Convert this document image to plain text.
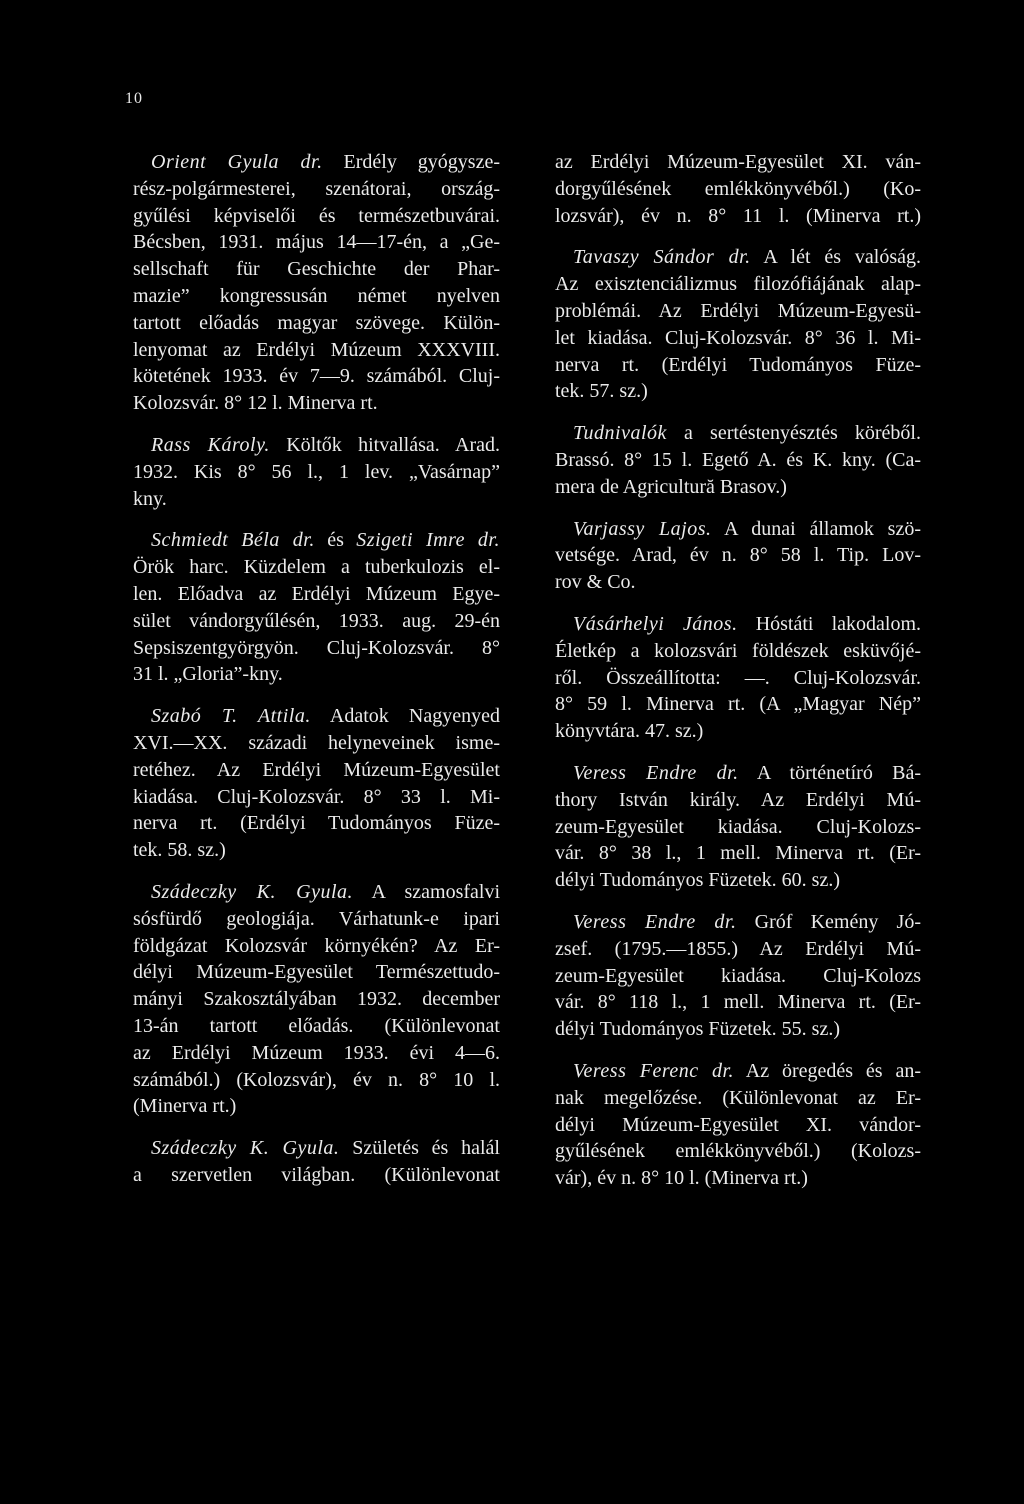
10
Orient Gyula dr. Erdély gyógysze-
rész-polgármesterei, szenátorai, ország-
gyűlési képviselői és természetbuvárai.
Bécsben, 1931. május 14—17-én, a „Ge-
sellschaft für Geschichte der Phar-
mazie” kongressusán német nyelven
tartott előadás magyar szövege. Külön-
lenyomat az Erdélyi Múzeum XXXVIII.
kötetének 1933. év 7—9. számából. Cluj-
Kolozsvár. 8° 12 l. Minerva rt.
Rass Károly. Költők hitvallása. Arad.
1932. Kis 8° 56 l., 1 lev. „Vasárnap”
kny.
Schmiedt Béla dr. és Szigeti Imre dr.
Örök harc. Küzdelem a tuberkulozis el-
len. Előadva az Erdélyi Múzeum Egye-
sület vándorgyűlésén, 1933. aug. 29-én
Sepsiszentgyörgyön. Cluj-Kolozsvár. 8°
31 l. „Gloria”-kny.
Szabó T. Attila. Adatok Nagyenyed
XVI.—XX. századi helyneveinek isme-
retéhez. Az Erdélyi Múzeum-Egyesület
kiadása. Cluj-Kolozsvár. 8° 33 l. Mi-
nerva rt. (Erdélyi Tudományos Füze-
tek. 58. sz.)
Szádeczky K. Gyula. A szamosfalvi
sósfürdő geologiája. Várhatunk-e ipari
földgázat Kolozsvár környékén? Az Er-
délyi Múzeum-Egyesület Természettudo-
mányi Szakosztályában 1932. december
13-án tartott előadás. (Különlevonat
az Erdélyi Múzeum 1933. évi 4—6.
számából.) (Kolozsvár), év n. 8° 10 l.
(Minerva rt.)
Szádeczky K. Gyula. Születés és halál
a szervetlen világban. (Különlevonat
az Erdélyi Múzeum-Egyesület XI. ván-
dorgyűlésének emlékkönyvéből.) (Ko-
lozsvár), év n. 8° 11 l. (Minerva rt.)
Tavaszy Sándor dr. A lét és valóság.
Az exisztenciálizmus filozófiájának alap-
problémái. Az Erdélyi Múzeum-Egyesü-
let kiadása. Cluj-Kolozsvár. 8° 36 l. Mi-
nerva rt. (Erdélyi Tudományos Füze-
tek. 57. sz.)
Tudnivalók a sertéstenyésztés köréből.
Brassó. 8° 15 l. Egető A. és K. kny. (Ca-
mera de Agricultură Brasov.)
Varjassy Lajos. A dunai államok szö-
vetsége. Arad, év n. 8° 58 l. Tip. Lov-
rov & Co.
Vásárhelyi János. Hóstáti lakodalom.
Életkép a kolozsvári földészek esküvőjé-
ről. Összeállította: —. Cluj-Kolozsvár.
8° 59 l. Minerva rt. (A „Magyar Nép”
könyvtára. 47. sz.)
Veress Endre dr. A történetíró Bá-
thory István király. Az Erdélyi Mú-
zeum-Egyesület kiadása. Cluj-Kolozs-
vár. 8° 38 l., 1 mell. Minerva rt. (Er-
délyi Tudományos Füzetek. 60. sz.)
Veress Endre dr. Gróf Kemény Jó-
zsef. (1795.—1855.) Az Erdélyi Mú-
zeum-Egyesület kiadása. Cluj-Kolozs
vár. 8° 118 l., 1 mell. Minerva rt. (Er-
délyi Tudományos Füzetek. 55. sz.)
Veress Ferenc dr. Az öregedés és an-
nak megelőzése. (Különlevonat az Er-
délyi Múzeum-Egyesület XI. vándor-
gyűlésének emlékkönyvéből.) (Kolozs-
vár), év n. 8° 10 l. (Minerva rt.)
